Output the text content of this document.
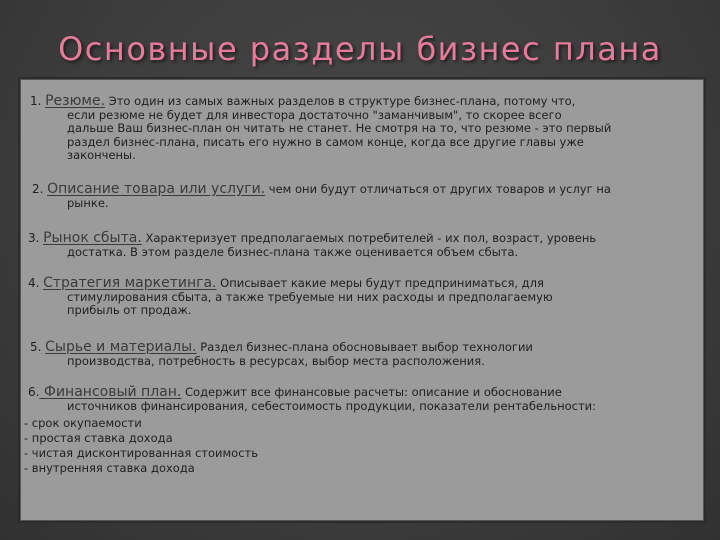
Основные разделы бизнес плана
1. Резюме. Это один из самых важных разделов в структуре бизнес-плана, потому что,
если резюме не будет для инвестора достаточно "заманчивым", то скорее всего
дальше Ваш бизнес-план он читать не станет. Не смотря на то, что резюме - это первый
раздел бизнес-плана, писать его нужно в самом конце, когда все другие главы уже
закончены.
2. Описание товара или услуги. чем они будут отличаться от других товаров и услуг на
рынке.
3. Рынок сбыта. Характеризует предполагаемых потребителей - их пол, возраст, уровень
достатка. В этом разделе бизнес-плана также оценивается объем сбыта.
4. Стратегия маркетинга. Описывает какие меры будут предприниматься, для
стимулирования сбыта, а также требуемые ни них расходы и предполагаемую
прибыль от продаж.
5. Сырье и материалы. Раздел бизнес-плана обосновывает выбор технологии
производства, потребность в ресурсах, выбор места расположения.
6. Финансовый план. Содержит все финансовые расчеты: описание и обоснование
источников финансирования, себестоимость продукции, показатели рентабельности:
- срок окупаемости
- простая ставка дохода
- чистая дисконтированная стоимость
- внутренняя ставка дохода
